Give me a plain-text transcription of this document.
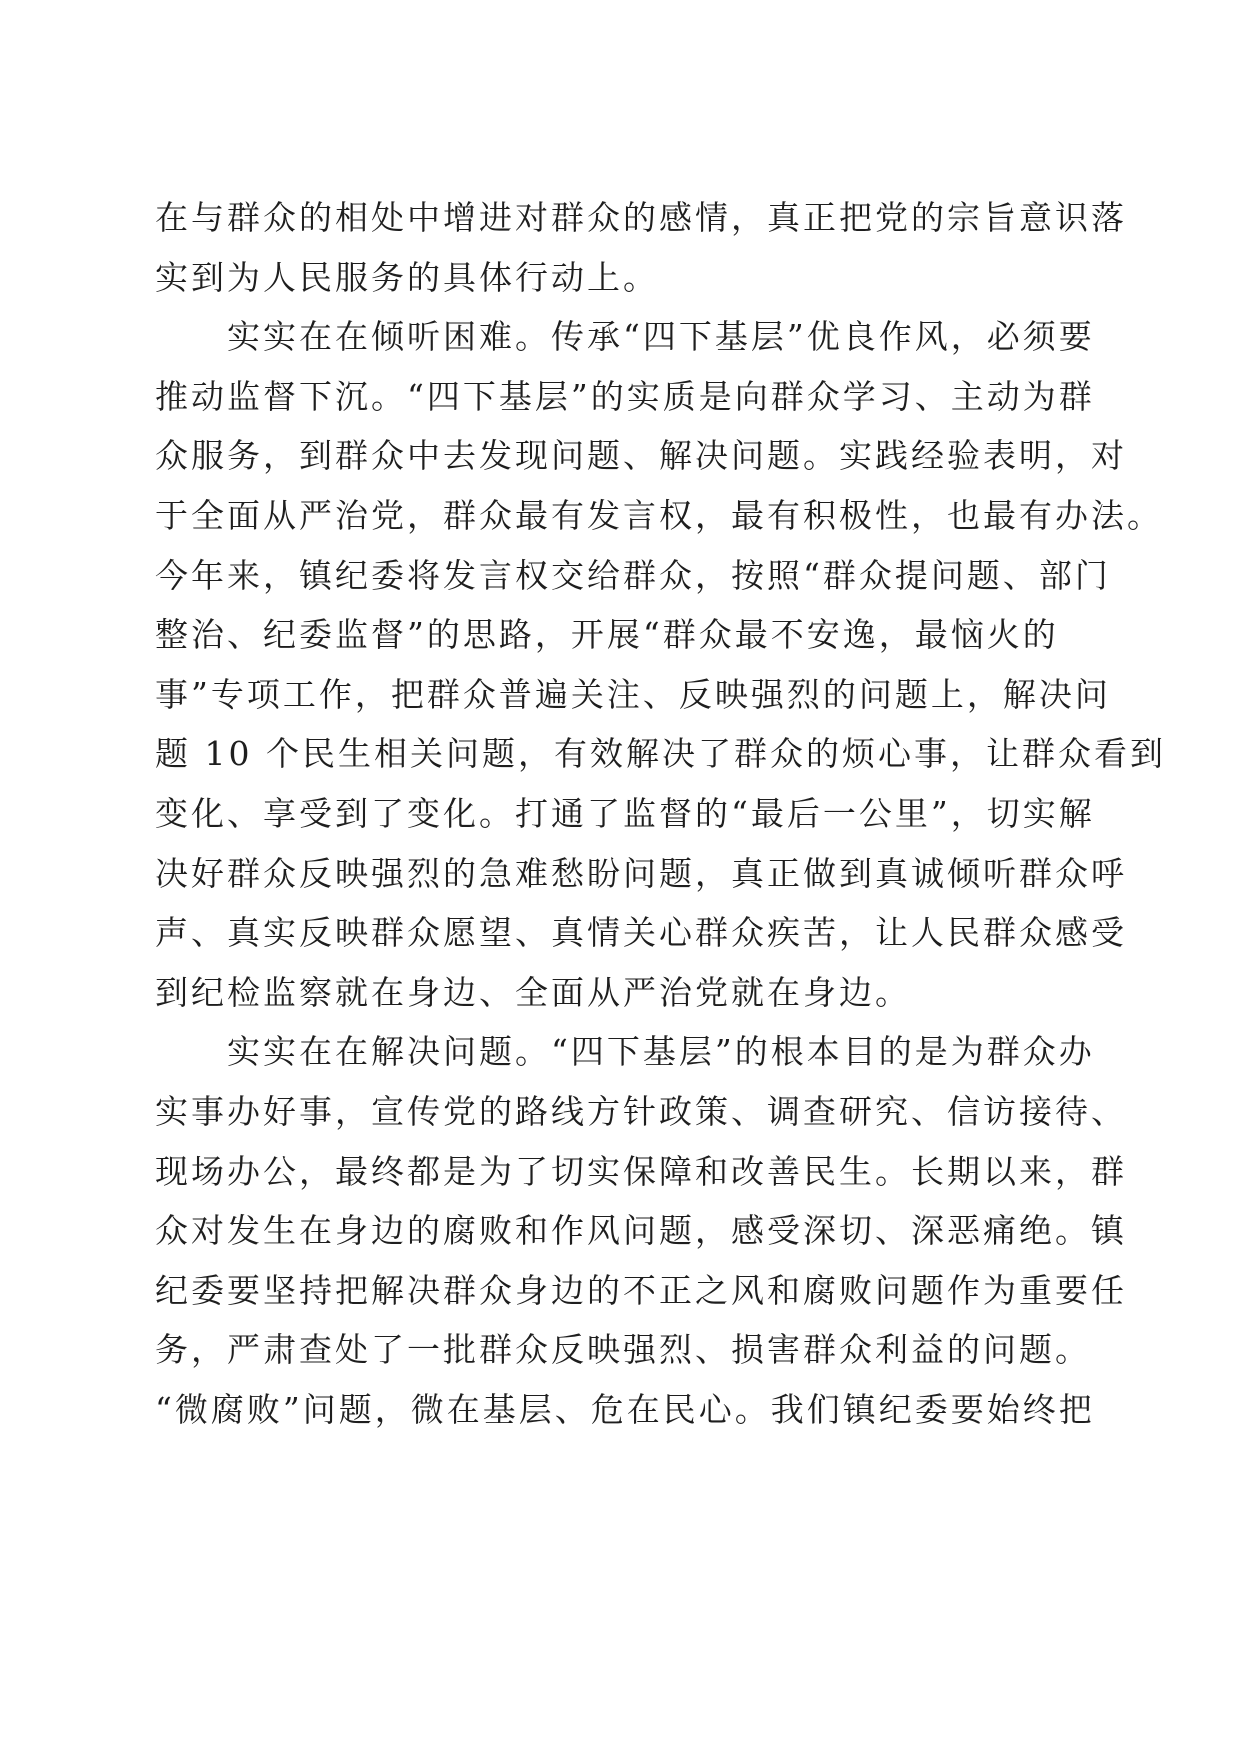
在与群众的相处中增进对群众的感情，真正把党的宗旨意识落
实到为人民服务的具体行动上。
实实在在倾听困难。传承“四下基层”优良作风，必须要
推动监督下沉。“四下基层”的实质是向群众学习、主动为群
众服务，到群众中去发现问题、解决问题。实践经验表明，对
于全面从严治党，群众最有发言权，最有积极性，也最有办法。
今年来，镇纪委将发言权交给群众，按照“群众提问题、部门
整治、纪委监督”的思路，开展“群众最不安逸，最恼火的
事”专项工作，把群众普遍关注、反映强烈的问题上，解决问
题 10 个民生相关问题，有效解决了群众的烦心事，让群众看到
变化、享受到了变化。打通了监督的“最后一公里”，切实解
决好群众反映强烈的急难愁盼问题，真正做到真诚倾听群众呼
声、真实反映群众愿望、真情关心群众疾苦，让人民群众感受
到纪检监察就在身边、全面从严治党就在身边。
实实在在解决问题。“四下基层”的根本目的是为群众办
实事办好事，宣传党的路线方针政策、调查研究、信访接待、
现场办公，最终都是为了切实保障和改善民生。长期以来，群
众对发生在身边的腐败和作风问题，感受深切、深恶痛绝。镇
纪委要坚持把解决群众身边的不正之风和腐败问题作为重要任
务，严肃查处了一批群众反映强烈、损害群众利益的问题。
“微腐败”问题，微在基层、危在民心。我们镇纪委要始终把
